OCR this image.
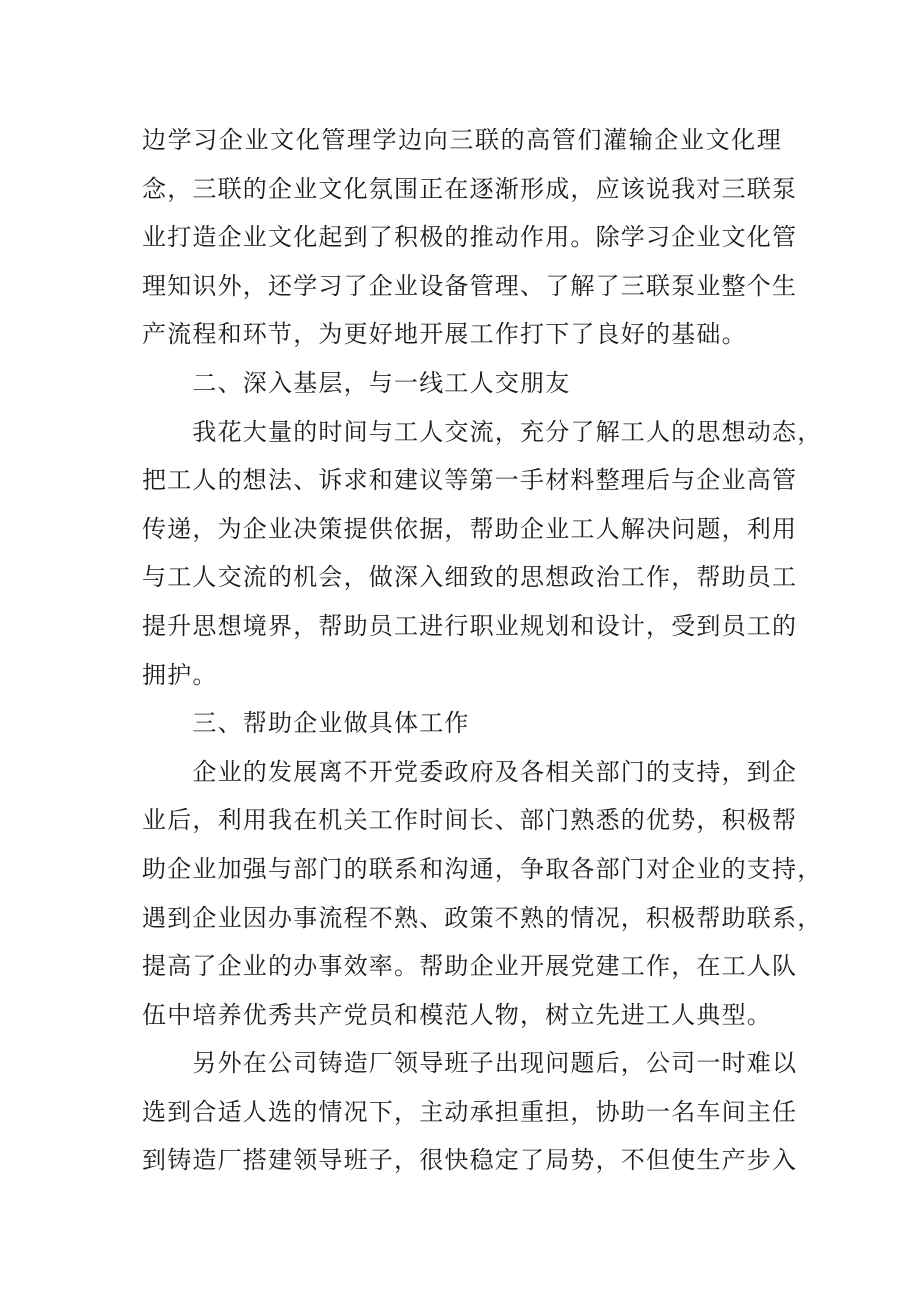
边学习企业文化管理学边向三联的高管们灌输企业文化理
念，三联的企业文化氛围正在逐渐形成，应该说我对三联泵
业打造企业文化起到了积极的推动作用。除学习企业文化管
理知识外，还学习了企业设备管理、了解了三联泵业整个生
产流程和环节，为更好地开展工作打下了良好的基础。
　　二、深入基层，与一线工人交朋友
　　我花大量的时间与工人交流，充分了解工人的思想动态，
把工人的想法、诉求和建议等第一手材料整理后与企业高管
传递，为企业决策提供依据，帮助企业工人解决问题，利用
与工人交流的机会，做深入细致的思想政治工作，帮助员工
提升思想境界，帮助员工进行职业规划和设计，受到员工的
拥护。
　　三、帮助企业做具体工作
　　企业的发展离不开党委政府及各相关部门的支持，到企
业后，利用我在机关工作时间长、部门熟悉的优势，积极帮
助企业加强与部门的联系和沟通，争取各部门对企业的支持，
遇到企业因办事流程不熟、政策不熟的情况，积极帮助联系，
提高了企业的办事效率。帮助企业开展党建工作，在工人队
伍中培养优秀共产党员和模范人物，树立先进工人典型。
　　另外在公司铸造厂领导班子出现问题后，公司一时难以
选到合适人选的情况下，主动承担重担，协助一名车间主任
到铸造厂搭建领导班子，很快稳定了局势，不但使生产步入
